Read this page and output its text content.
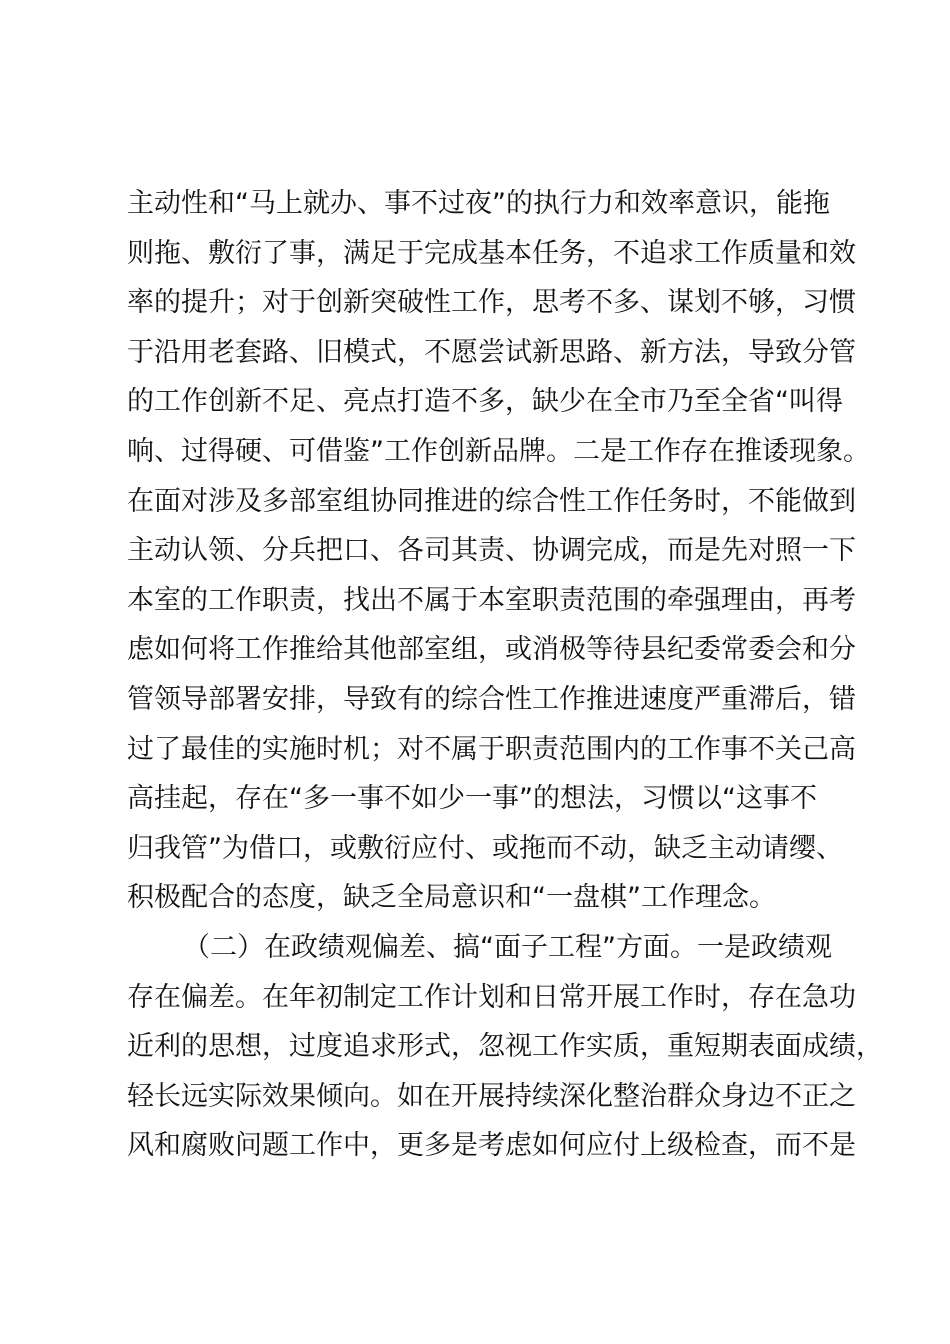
主动性和“马上就办、事不过夜”的执行力和效率意识，能拖
则拖、敷衍了事，满足于完成基本任务，不追求工作质量和效
率的提升；对于创新突破性工作，思考不多、谋划不够，习惯
于沿用老套路、旧模式，不愿尝试新思路、新方法，导致分管
的工作创新不足、亮点打造不多，缺少在全市乃至全省“叫得
响、过得硬、可借鉴”工作创新品牌。二是工作存在推诿现象。
在面对涉及多部室组协同推进的综合性工作任务时，不能做到
主动认领、分兵把口、各司其责、协调完成，而是先对照一下
本室的工作职责，找出不属于本室职责范围的牵强理由，再考
虑如何将工作推给其他部室组，或消极等待县纪委常委会和分
管领导部署安排，导致有的综合性工作推进速度严重滞后，错
过了最佳的实施时机；对不属于职责范围内的工作事不关己高
高挂起，存在“多一事不如少一事”的想法，习惯以“这事不
归我管”为借口，或敷衍应付、或拖而不动，缺乏主动请缨、
积极配合的态度，缺乏全局意识和“一盘棋”工作理念。
（二）在政绩观偏差、搞“面子工程”方面。一是政绩观
存在偏差。在年初制定工作计划和日常开展工作时，存在急功
近利的思想，过度追求形式，忽视工作实质，重短期表面成绩，
轻长远实际效果倾向。如在开展持续深化整治群众身边不正之
风和腐败问题工作中，更多是考虑如何应付上级检查，而不是
